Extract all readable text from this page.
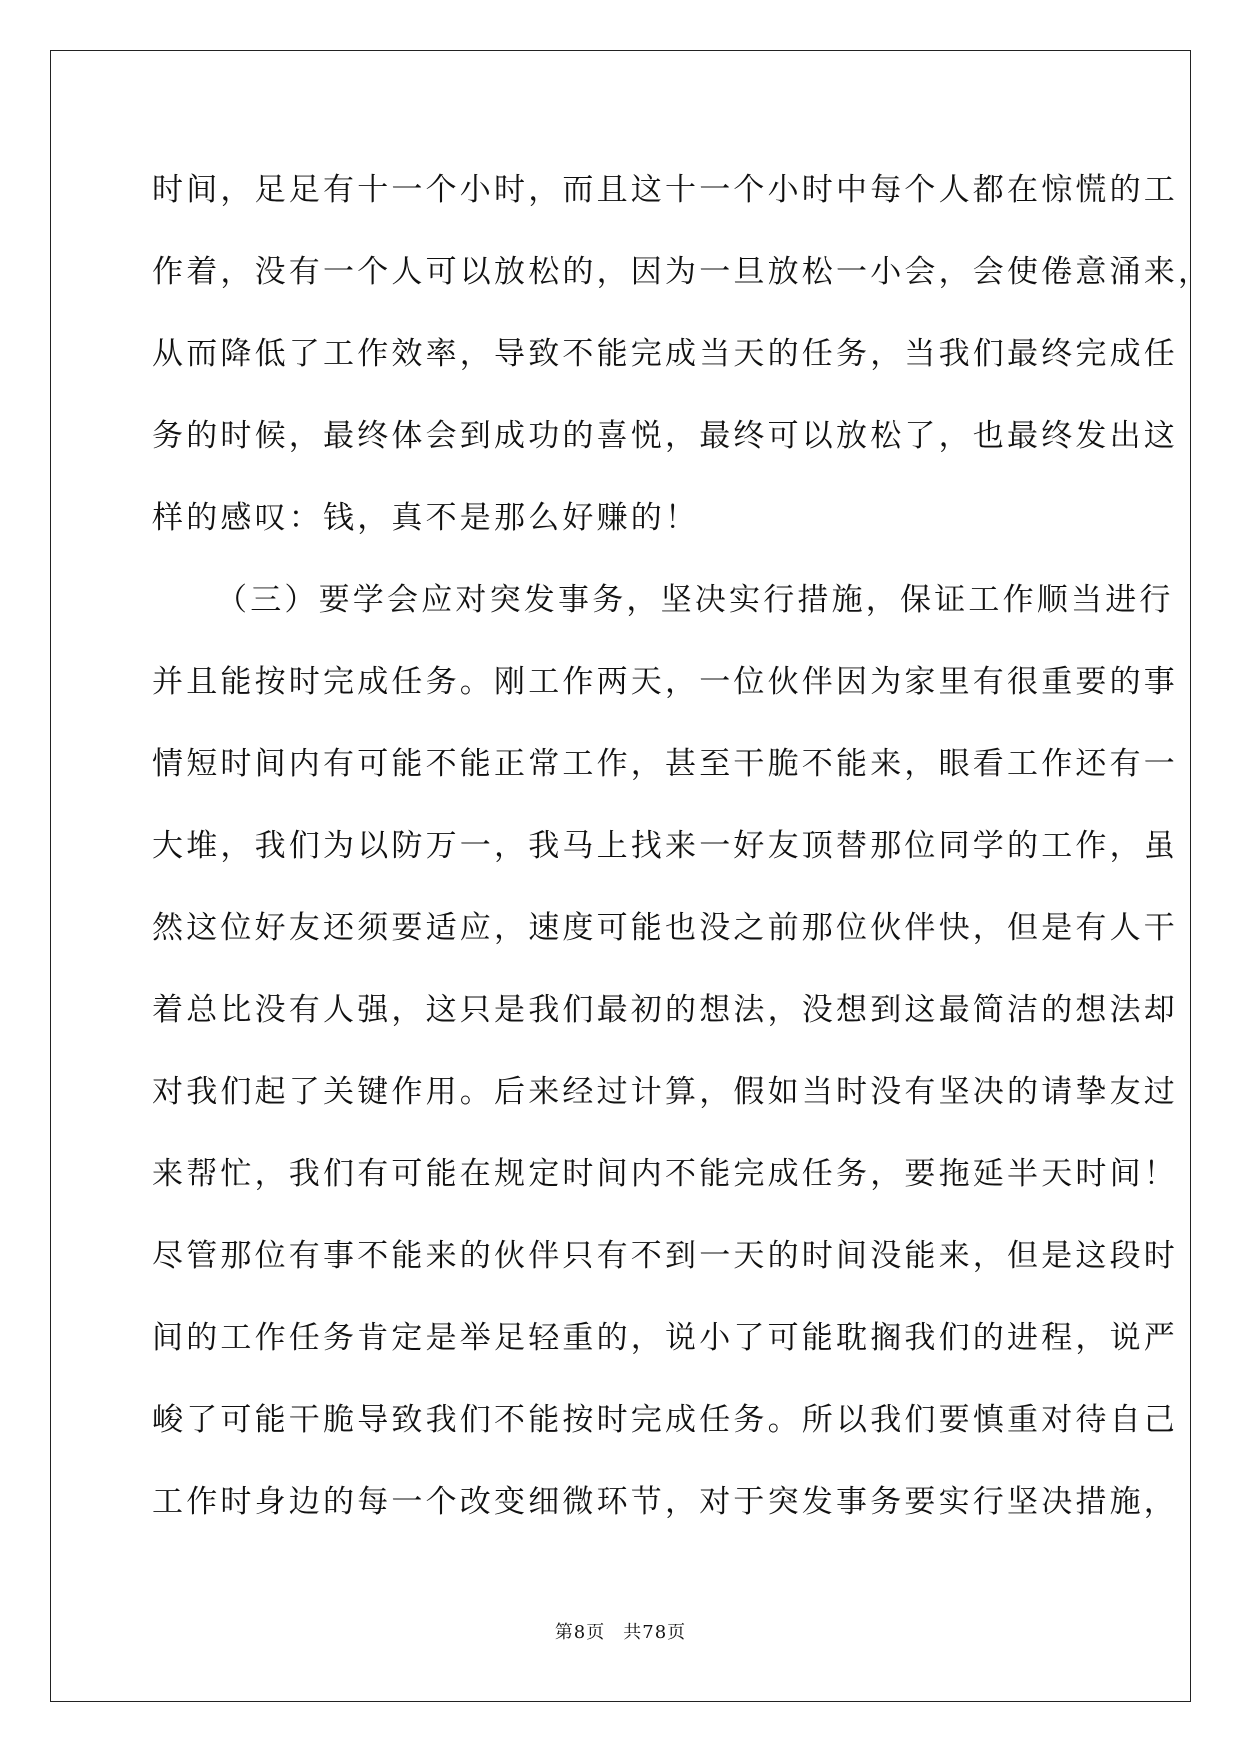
时间，足足有十一个小时，而且这十一个小时中每个人都在惊慌的工
作着，没有一个人可以放松的，因为一旦放松一小会，会使倦意涌来，
从而降低了工作效率，导致不能完成当天的任务，当我们最终完成任
务的时候，最终体会到成功的喜悦，最终可以放松了，也最终发出这
样的感叹：钱，真不是那么好赚的！
（三）要学会应对突发事务，坚决实行措施，保证工作顺当进行
并且能按时完成任务。刚工作两天，一位伙伴因为家里有很重要的事
情短时间内有可能不能正常工作，甚至干脆不能来，眼看工作还有一
大堆，我们为以防万一，我马上找来一好友顶替那位同学的工作，虽
然这位好友还须要适应，速度可能也没之前那位伙伴快，但是有人干
着总比没有人强，这只是我们最初的想法，没想到这最简洁的想法却
对我们起了关键作用。后来经过计算，假如当时没有坚决的请挚友过
来帮忙，我们有可能在规定时间内不能完成任务，要拖延半天时间！
尽管那位有事不能来的伙伴只有不到一天的时间没能来，但是这段时
间的工作任务肯定是举足轻重的，说小了可能耽搁我们的进程，说严
峻了可能干脆导致我们不能按时完成任务。所以我们要慎重对待自己
工作时身边的每一个改变细微环节，对于突发事务要实行坚决措施，
第8页 共78页
